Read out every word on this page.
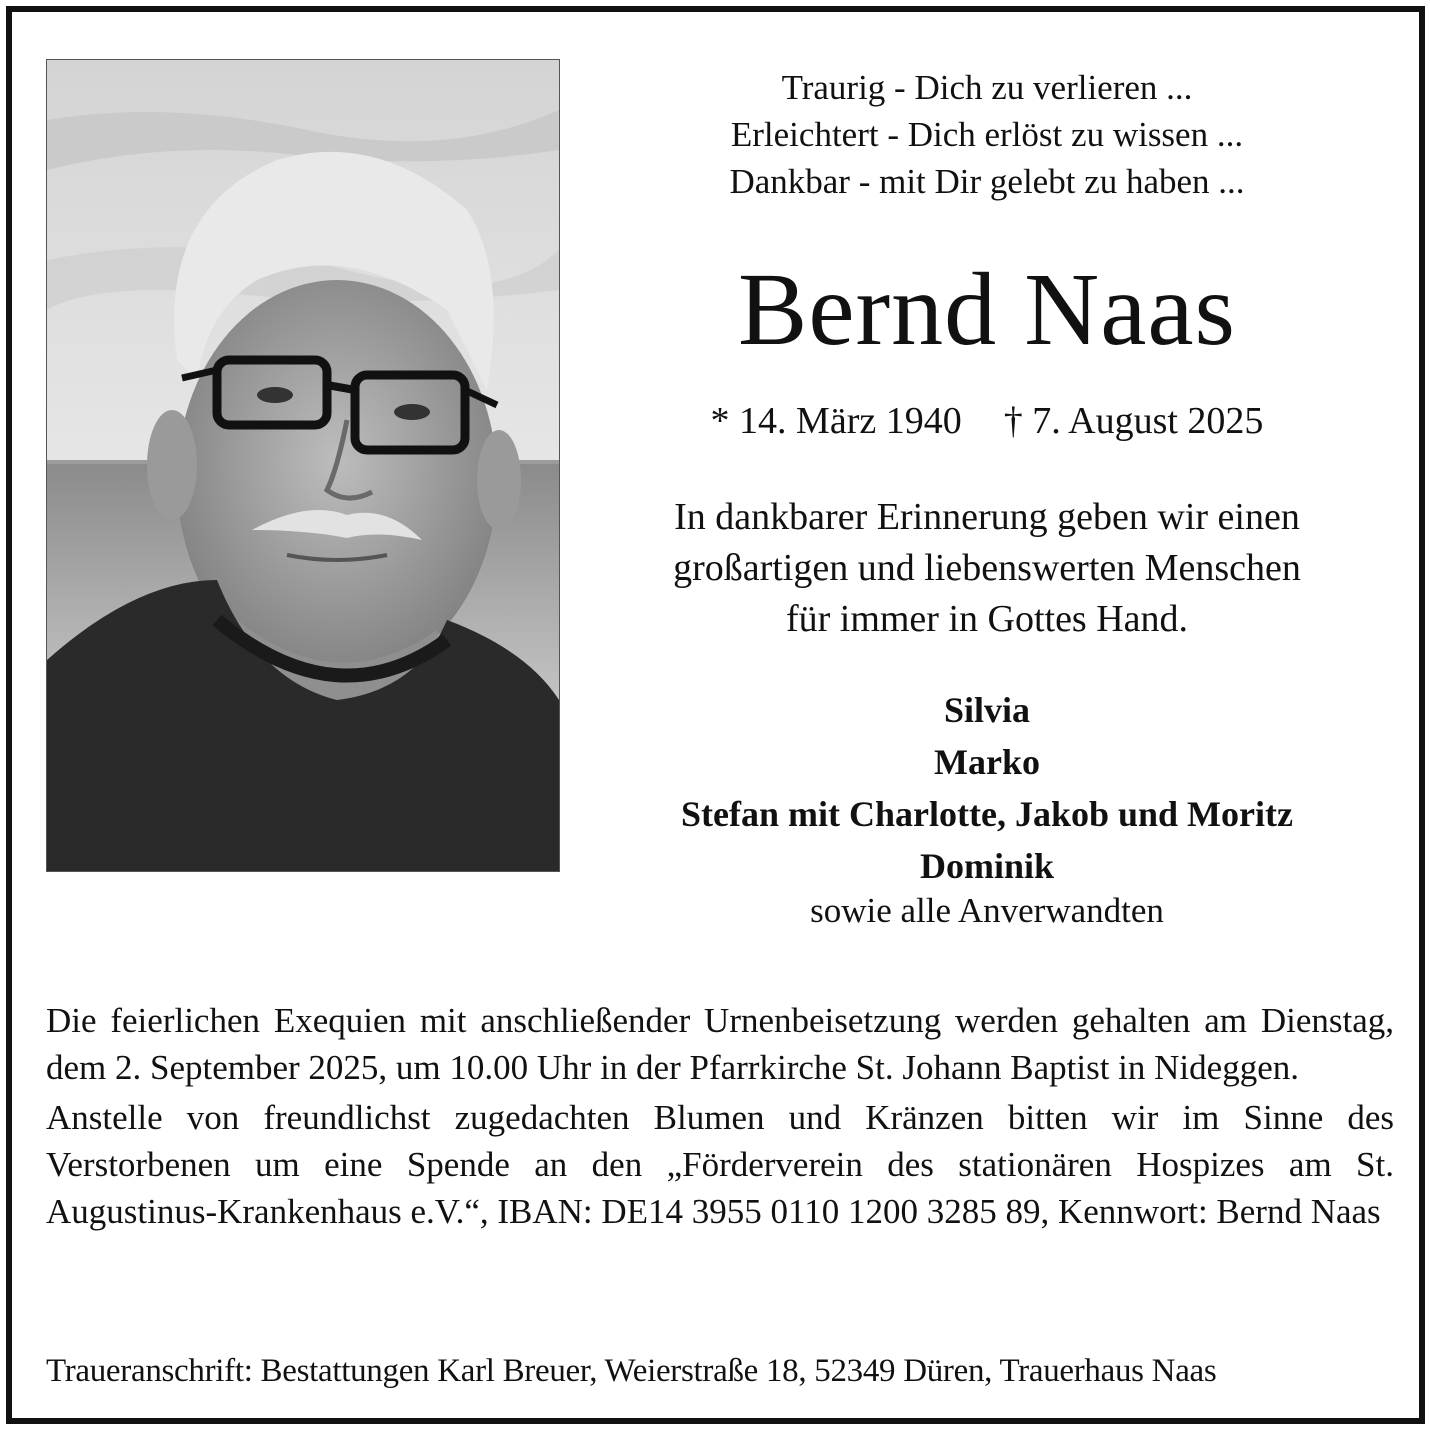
Traurig - Dich zu verlieren ...
Erleichtert - Dich erlöst zu wissen ...
Dankbar - mit Dir gelebt zu haben ...
Bernd Naas
* 14. März 1940 † 7. August 2025
In dankbarer Erinnerung geben wir einen
großartigen und liebenswerten Menschen
für immer in Gottes Hand.
Silvia
Marko
Stefan mit Charlotte, Jakob und Moritz
Dominik
sowie alle Anverwandten

Die feierlichen Exequien mit anschließender Urnenbeisetzung werden gehalten am Dienstag, dem 2. September 2025, um 10.00 Uhr in der Pfarrkirche St. Johann Baptist in Nideggen.

Anstelle von freundlichst zugedachten Blumen und Kränzen bitten wir im Sinne des Verstorbenen um eine Spende an den „Förderverein des stationären Hospizes am St. Augustinus-Krankenhaus e.V.“, IBAN: DE14 3955 0110 1200 3285 89, Kennwort: Bernd Naas

Traueranschrift: Bestattungen Karl Breuer, Weierstraße 18, 52349 Düren, Trauerhaus Naas
